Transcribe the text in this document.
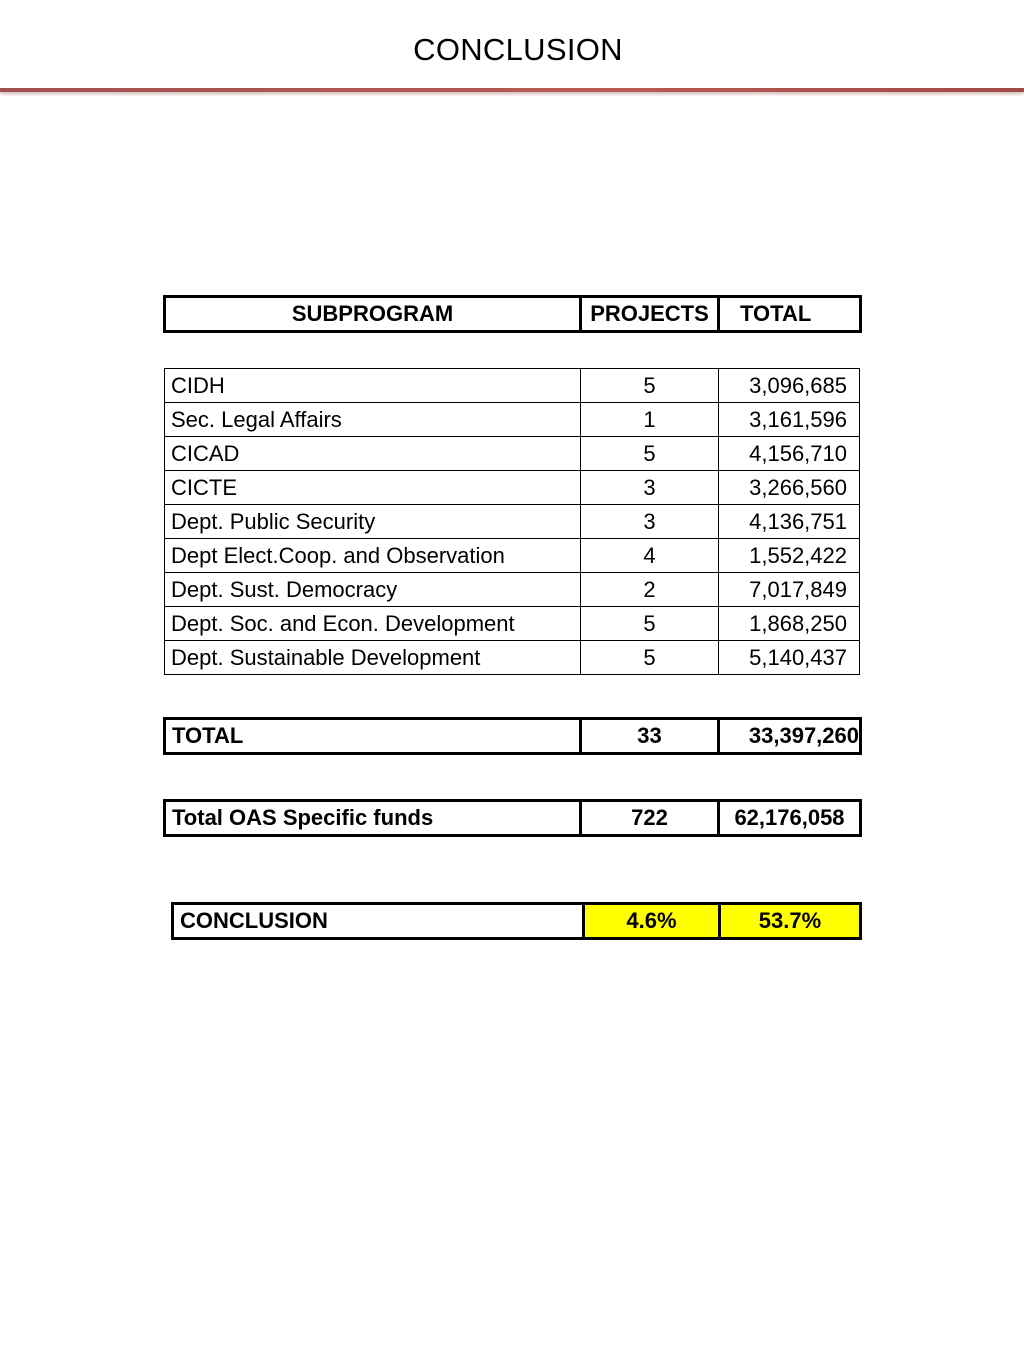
CONCLUSION
SUBPROGRAM	PROJECTS	TOTAL
CIDH	5	3,096,685
Sec. Legal Affairs	1	3,161,596
CICAD	5	4,156,710
CICTE	3	3,266,560
Dept. Public Security	3	4,136,751
Dept Elect.Coop. and Observation	4	1,552,422
Dept. Sust. Democracy	2	7,017,849
Dept. Soc. and Econ. Development	5	1,868,250
Dept. Sustainable Development	5	5,140,437
TOTAL	33	33,397,260
Total OAS Specific funds	722	62,176,058
CONCLUSION	4.6%	53.7%
